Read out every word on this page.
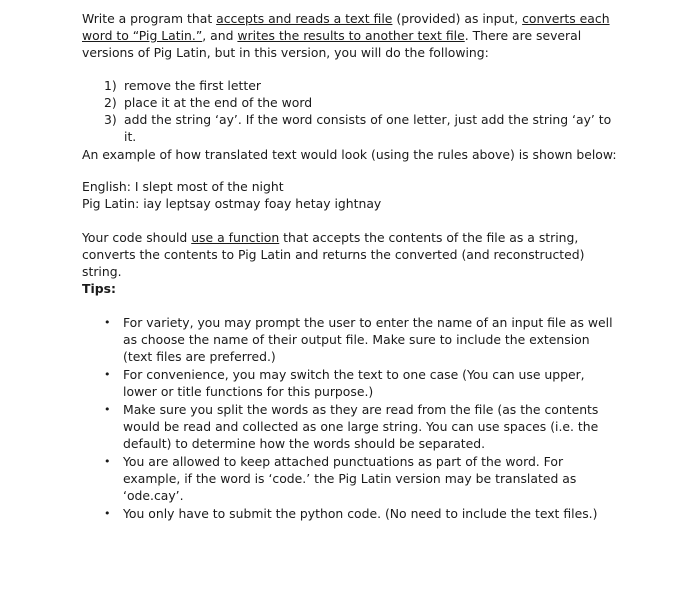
Write a program that accepts and reads a text file (provided) as input, converts each word to “Pig Latin.”, and writes the results to another text file. There are several versions of Pig Latin, but in this version, you will do the following:

1) remove the first letter
2) place it at the end of the word
3) add the string ‘ay’. If the word consists of one letter, just add the string ‘ay’ to it.

An example of how translated text would look (using the rules above) is shown below:

English: I slept most of the night

Pig Latin: iay leptsay ostmay foay hetay ightnay

Your code should use a function that accepts the contents of the file as a string, converts the contents to Pig Latin and returns the converted (and reconstructed) string.

Tips:

•	For variety, you may prompt the user to enter the name of an input file as well as choose the name of their output file. Make sure to include the extension (text files are preferred.)
•	For convenience, you may switch the text to one case (You can use upper, lower or title functions for this purpose.)
•	Make sure you split the words as they are read from the file (as the contents would be read and collected as one large string. You can use spaces (i.e. the default) to determine how the words should be separated.
•	You are allowed to keep attached punctuations as part of the word. For example, if the word is ‘code.’ the Pig Latin version may be translated as ‘ode.cay’.
•	You only have to submit the python code. (No need to include the text files.)
